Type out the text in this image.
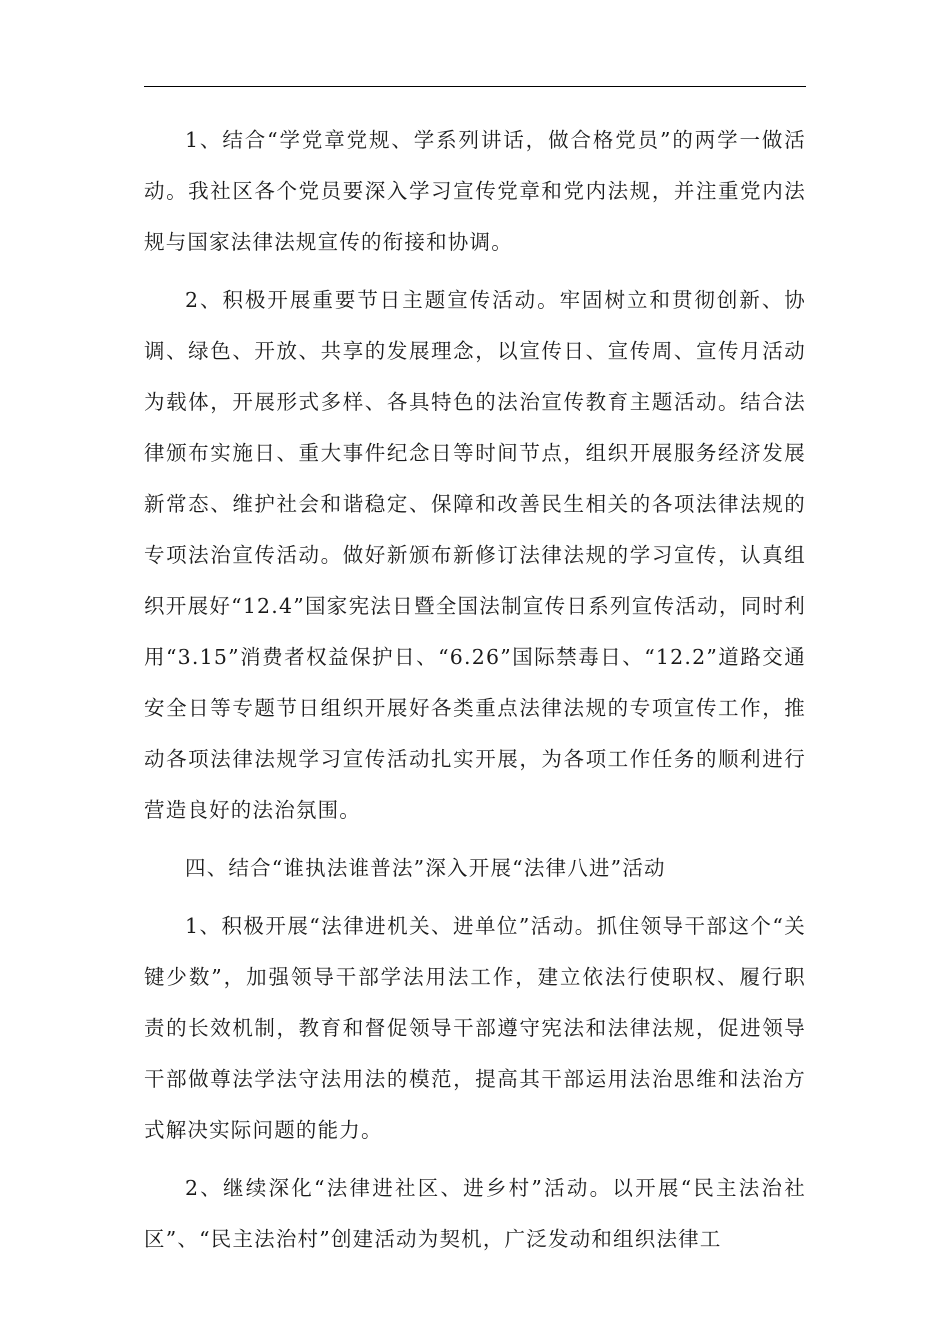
1、结合“学党章党规、学系列讲话，做合格党员”的两学一做活动。我社区各个党员要深入学习宣传党章和党内法规，并注重党内法规与国家法律法规宣传的衔接和协调。

2、积极开展重要节日主题宣传活动。牢固树立和贯彻创新、协调、绿色、开放、共享的发展理念，以宣传日、宣传周、宣传月活动为载体，开展形式多样、各具特色的法治宣传教育主题活动。结合法律颁布实施日、重大事件纪念日等时间节点，组织开展服务经济发展新常态、维护社会和谐稳定、保障和改善民生相关的各项法律法规的专项法治宣传活动。做好新颁布新修订法律法规的学习宣传，认真组织开展好“12.4”国家宪法日暨全国法制宣传日系列宣传活动，同时利用“3.15”消费者权益保护日、“6.26”国际禁毒日、“12.2”道路交通安全日等专题节日组织开展好各类重点法律法规的专项宣传工作，推动各项法律法规学习宣传活动扎实开展，为各项工作任务的顺利进行营造良好的法治氛围。

四、结合“谁执法谁普法”深入开展“法律八进”活动

1、积极开展“法律进机关、进单位”活动。抓住领导干部这个“关键少数”，加强领导干部学法用法工作，建立依法行使职权、履行职责的长效机制，教育和督促领导干部遵守宪法和法律法规，促进领导干部做尊法学法守法用法的模范，提高其干部运用法治思维和法治方式解决实际问题的能力。

2、继续深化“法律进社区、进乡村”活动。以开展“民主法治社区”、“民主法治村”创建活动为契机，广泛发动和组织法律工
